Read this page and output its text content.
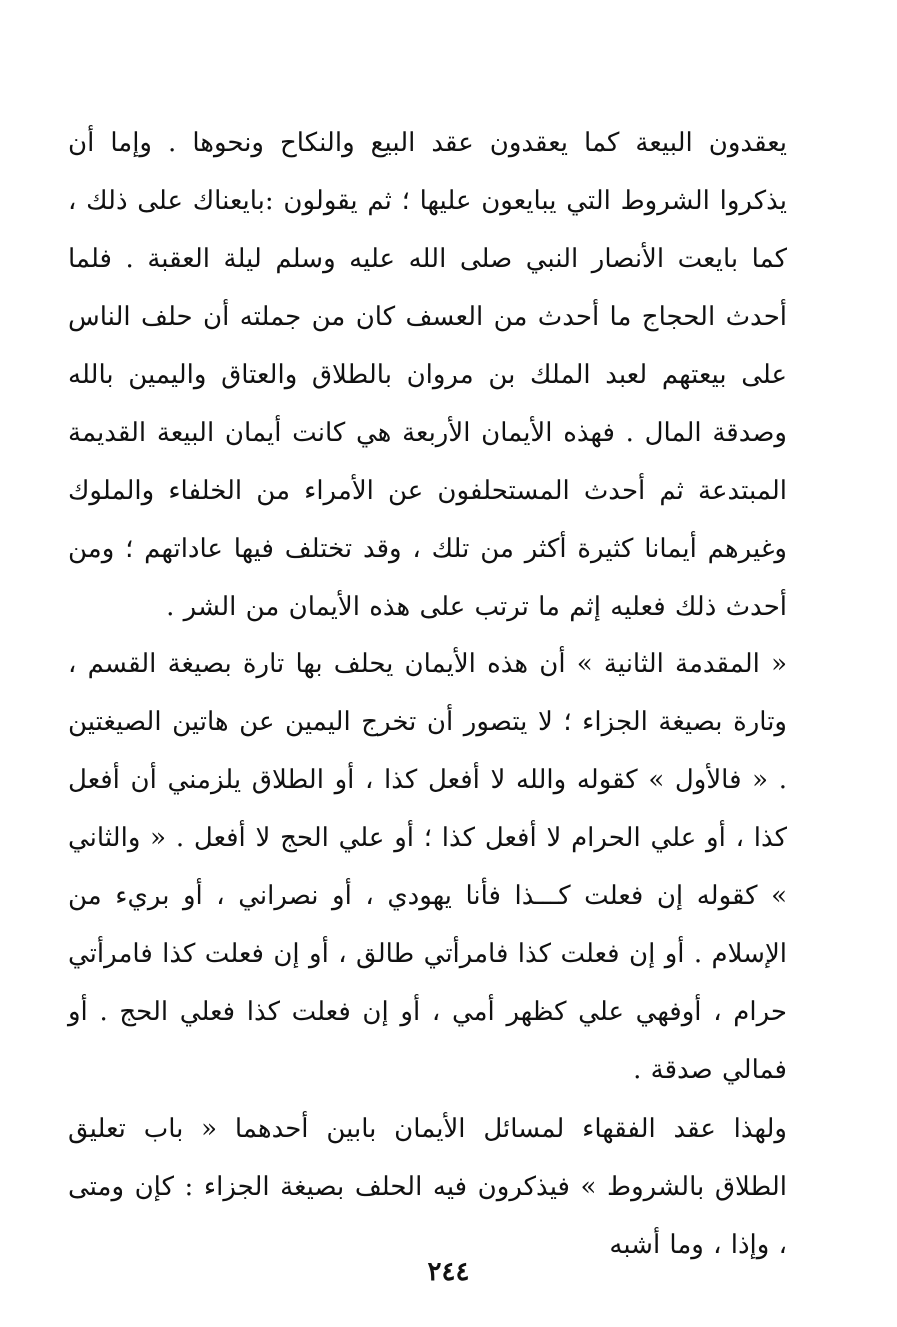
يعقدون البيعة كما يعقدون عقد البيع والنكاح ونحوها . وإما أن يذكروا الشروط التي يبايعون عليها ؛ ثم يقولون :بايعناك على ذلك ، كما بايعت الأنصار النبي صلى الله عليه وسلم ليلة العقبة . فلما أحدث الحجاج ما أحدث من العسف كان من جملته أن حلف الناس على بيعتهم لعبد الملك بن مروان بالطلاق والعتاق واليمين بالله وصدقة المال . فهذه الأيمان الأربعة هي كانت أيمان البيعة القديمة المبتدعة ثم أحدث المستحلفون عن الأمراء من الخلفاء والملوك وغيرهم أيمانا كثيرة أكثر من تلك ، وقد تختلف فيها عاداتهم ؛ ومن أحدث ذلك فعليه إثم ما ترتب على هذه الأيمان من الشر .

« المقدمة الثانية » أن هذه الأيمان يحلف بها تارة بصيغة القسم ، وتارة بصيغة الجزاء ؛ لا يتصور أن تخرج اليمين عن هاتين الصيغتين . « فالأول » كقوله والله لا أفعل كذا ، أو الطلاق يلزمني أن أفعل كذا ، أو علي الحرام لا أفعل كذا ؛ أو علي الحج لا أفعل . « والثاني » كقوله إن فعلت كـــذا فأنا يهودي ، أو نصراني ، أو بريء من الإسلام . أو إن فعلت كذا فامرأتي طالق ، أو إن فعلت كذا فامرأتي حرام ، أوفهي علي كظهر أمي ، أو إن فعلت كذا فعلي الحج . أو فمالي صدقة .

ولهذا عقد الفقهاء لمسائل الأيمان بابين أحدهما « باب تعليق الطلاق بالشروط » فيذكرون فيه الحلف بصيغة الجزاء : كإن ومتى ، وإذا ، وما أشبه

٢٤٤
